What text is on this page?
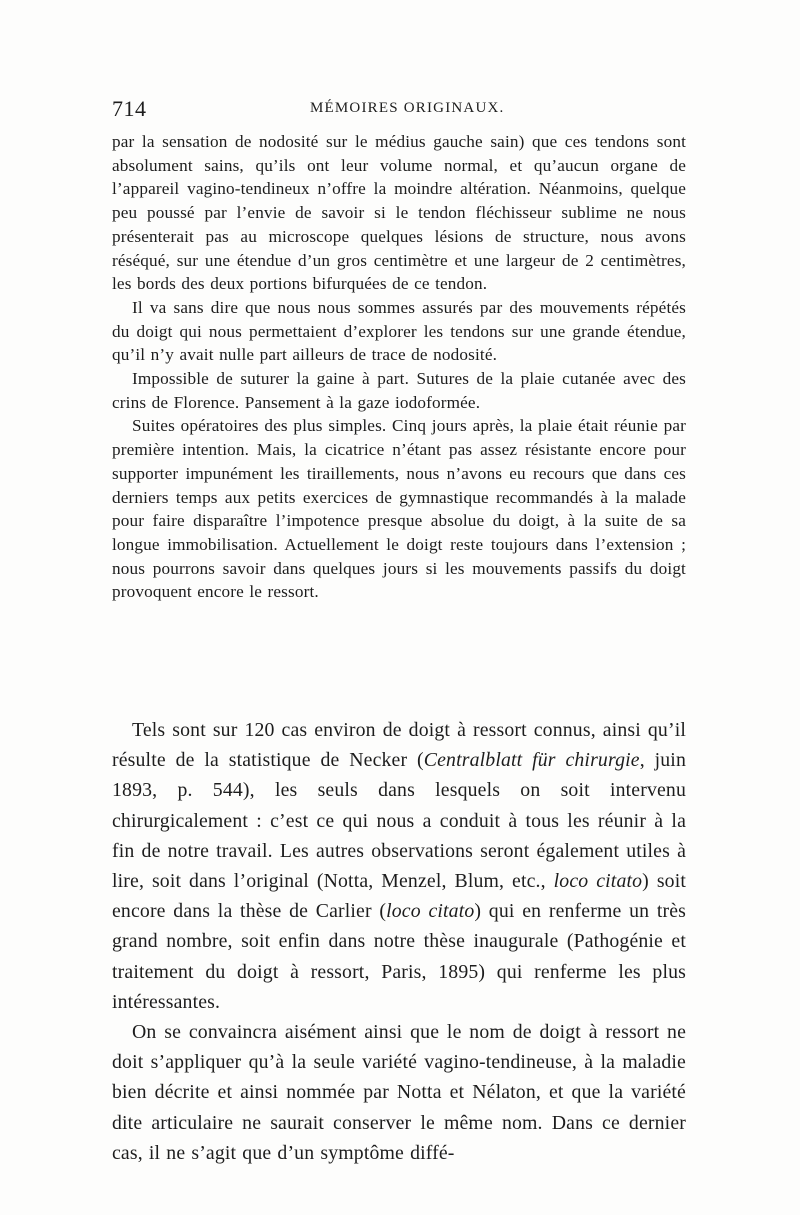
714	MÉMOIRES ORIGINAUX.

par la sensation de nodosité sur le médius gauche sain) que ces tendons sont absolument sains, qu’ils ont leur volume normal, et qu’aucun organe de l’appareil vagino-tendineux n’offre la moindre altération. Néanmoins, quelque peu poussé par l’envie de savoir si le tendon fléchisseur sublime ne nous présenterait pas au microscope quelques lésions de structure, nous avons réséqué, sur une étendue d’un gros centimètre et une largeur de 2 centimètres, les bords des deux portions bifurquées de ce tendon.

Il va sans dire que nous nous sommes assurés par des mouvements répétés du doigt qui nous permettaient d’explorer les tendons sur une grande étendue, qu’il n’y avait nulle part ailleurs de trace de nodosité.

Impossible de suturer la gaine à part. Sutures de la plaie cutanée avec des crins de Florence. Pansement à la gaze iodoformée.

Suites opératoires des plus simples. Cinq jours après, la plaie était réunie par première intention. Mais, la cicatrice n’étant pas assez résistante encore pour supporter impunément les tiraillements, nous n’avons eu recours que dans ces derniers temps aux petits exercices de gymnastique recommandés à la malade pour faire disparaître l’impotence presque absolue du doigt, à la suite de sa longue immobilisation. Actuellement le doigt reste toujours dans l’extension ; nous pourrons savoir dans quelques jours si les mouvements passifs du doigt provoquent encore le ressort.

Tels sont sur 120 cas environ de doigt à ressort connus, ainsi qu’il résulte de la statistique de Necker (Centralblatt für chirurgie, juin 1893, p. 544), les seuls dans lesquels on soit intervenu chirurgicalement : c’est ce qui nous a conduit à tous les réunir à la fin de notre travail. Les autres observations seront également utiles à lire, soit dans l’original (Notta, Menzel, Blum, etc., loco citato) soit encore dans la thèse de Carlier (loco citato) qui en renferme un très grand nombre, soit enfin dans notre thèse inaugurale (Pathogénie et traitement du doigt à ressort, Paris, 1895) qui renferme les plus intéressantes.

On se convaincra aisément ainsi que le nom de doigt à ressort ne doit s’appliquer qu’à la seule variété vagino-tendineuse, à la maladie bien décrite et ainsi nommée par Notta et Nélaton, et que la variété dite articulaire ne saurait conserver le même nom. Dans ce dernier cas, il ne s’agit que d’un symptôme diffé-
